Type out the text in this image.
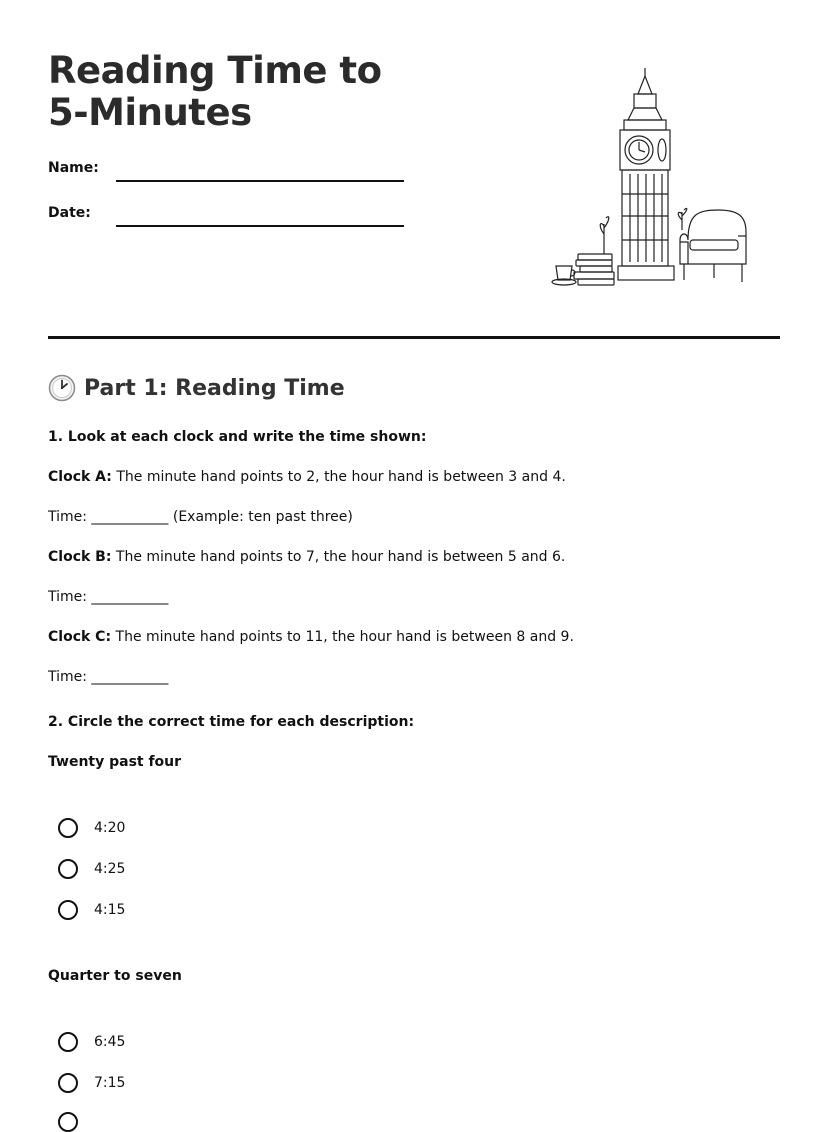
Reading Time to 5-Minutes
Name:
Date:
Part 1: Reading Time
1. Look at each clock and write the time shown:
Clock A: The minute hand points to 2, the hour hand is between 3 and 4.
Time: ___________ (Example: ten past three)
Clock B: The minute hand points to 7, the hour hand is between 5 and 6.
Time: ___________
Clock C: The minute hand points to 11, the hour hand is between 8 and 9.
Time: ___________
2. Circle the correct time for each description:
Twenty past four
4:20
4:25
4:15
Quarter to seven
6:45
7:15
